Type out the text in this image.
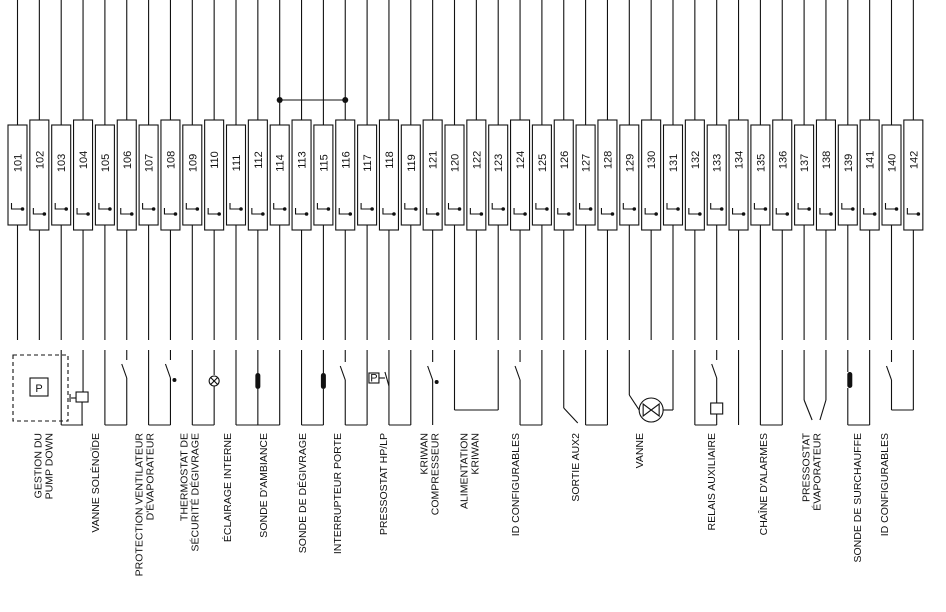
101 102 103 104 105 106 107 108 109 110 111 112 114 113 115 116 117 118 119 121 120 122 123 124 125 126 127 128 129 130 131 132 133 134 135 136 137 138 139 141 140 142
P
P
GESTION DUPUMP DOWN	VANNE SOLÉNOÏDE	PROTECTION VENTILATEURD'ÉVAPORATEUR THERMOSTAT DESÉCURITÉ DÉGIVRAGE ÉCLAIRAGE INTERNE SONDE D'AMBIANCE	SONDE DE DÉGIVRAGE INTERRUPTEUR PORTE	PRESSOSTAT HP/LP	KRIWANCOMPRESSEUR ALIMENTATIONKRIWAN	ID CONFIGURABLES	SORTIE AUX2	VANNE	RELAIS AUXILIAIRE	CHAÎNE D'ALARMES	PRESSOSTATÉVAPORATEUR	SONDE DE SURCHAUFFE ID CONFIGURABLES
